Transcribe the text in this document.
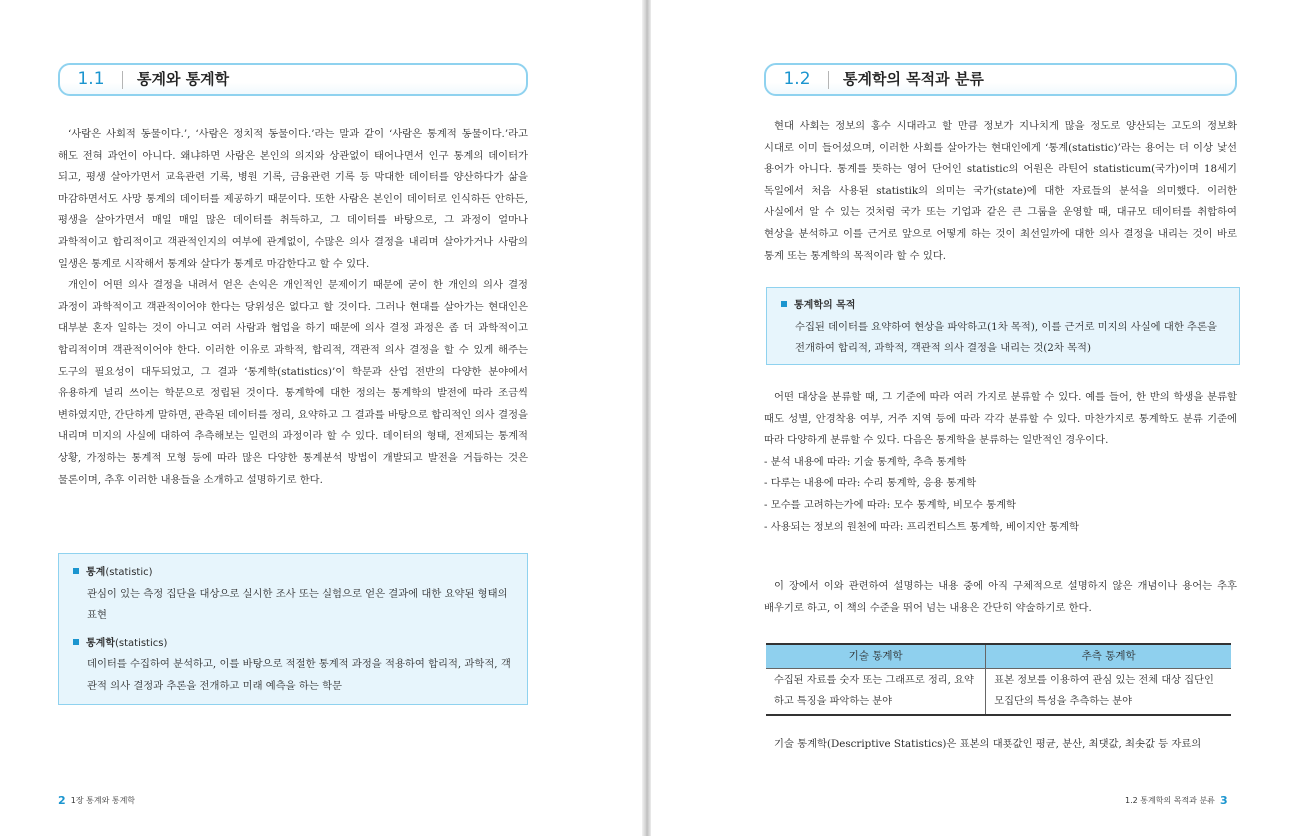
1.1	통계와 통계학

‘사람은 사회적 동물이다.’, ‘사람은 정치적 동물이다.’라는 말과 같이 ‘사람은 통계적 동물이다.’라고 해도 전혀 과언이 아니다. 왜냐하면 사람은 본인의 의지와 상관없이 태어나면서 인구 통계의 데이터가 되고, 평생 살아가면서 교육관련 기록, 병원 기록, 금융관련 기록 등 막대한 데이터를 양산하다가 삶을 마감하면서도 사망 통계의 데이터를 제공하기 때문이다. 또한 사람은 본인이 데이터로 인식하든 안하든, 평생을 살아가면서 매일 매일 많은 데이터를 취득하고, 그 데이터를 바탕으로, 그 과정이 얼마나 과학적이고 합리적이고 객관적인지의 여부에 관계없이, 수많은 의사 결정을 내리며 살아가거나 사람의 일생은 통계로 시작해서 통계와 살다가 통계로 마감한다고 할 수 있다.

개인이 어떤 의사 결정을 내려서 얻은 손익은 개인적인 문제이기 때문에 굳이 한 개인의 의사 결정 과정이 과학적이고 객관적이어야 한다는 당위성은 없다고 할 것이다. 그러나 현대를 살아가는 현대인은 대부분 혼자 일하는 것이 아니고 여러 사람과 협업을 하기 때문에 의사 결정 과정은 좀 더 과학적이고 합리적이며 객관적이어야 한다. 이러한 이유로 과학적, 합리적, 객관적 의사 결정을 할 수 있게 해주는 도구의 필요성이 대두되었고, 그 결과 ‘통계학(statistics)’이 학문과 산업 전반의 다양한 분야에서 유용하게 널리 쓰이는 학문으로 정립된 것이다. 통계학에 대한 정의는 통계학의 발전에 따라 조금씩 변하였지만, 간단하게 말하면, 관측된 데이터를 정리, 요약하고 그 결과를 바탕으로 합리적인 의사 결정을 내리며 미지의 사실에 대하여 추측해보는 일련의 과정이라 할 수 있다. 데이터의 형태, 전제되는 통계적 상황, 가정하는 통계적 모형 등에 따라 많은 다양한 통계분석 방법이 개발되고 발전을 거듭하는 것은 물론이며, 추후 이러한 내용들을 소개하고 설명하기로 한다.

통계(statistic)
관심이 있는 측정 집단을 대상으로 실시한 조사 또는 실험으로 얻은 결과에 대한 요약된 형태의 표현
통계학(statistics)
데이터를 수집하여 분석하고, 이를 바탕으로 적절한 통계적 과정을 적용하여 합리적, 과학적, 객관적 의사 결정과 추론을 전개하고 미래 예측을 하는 학문
2 1장 통계와 통계학
1.2	통계학의 목적과 분류

현대 사회는 정보의 홍수 시대라고 할 만큼 정보가 지나치게 많을 정도로 양산되는 고도의 정보화 시대로 이미 들어섰으며, 이러한 사회를 살아가는 현대인에게 ‘통계(statistic)’라는 용어는 더 이상 낯선 용어가 아니다. 통계를 뜻하는 영어 단어인 statistic의 어원은 라틴어 statisticum(국가)이며 18세기 독일에서 처음 사용된 statistik의 의미는 국가(state)에 대한 자료들의 분석을 의미했다. 이러한 사실에서 알 수 있는 것처럼 국가 또는 기업과 같은 큰 그룹을 운영할 때, 대규모 데이터를 취합하여 현상을 분석하고 이를 근거로 앞으로 어떻게 하는 것이 최선일까에 대한 의사 결정을 내리는 것이 바로 통계 또는 통계학의 목적이라 할 수 있다.

어떤 대상을 분류할 때, 그 기준에 따라 여러 가지로 분류할 수 있다. 예를 들어, 한 반의 학생을 분류할 때도 성별, 안경착용 여부, 거주 지역 등에 따라 각각 분류할 수 있다. 마찬가지로 통계학도 분류 기준에 따라 다양하게 분류할 수 있다. 다음은 통계학을 분류하는 일반적인 경우이다.

- 분석 내용에 따라: 기술 통계학, 추측 통계학
- 다루는 내용에 따라: 수리 통계학, 응용 통계학
- 모수를 고려하는가에 따라: 모수 통계학, 비모수 통계학
- 사용되는 정보의 원천에 따라: 프리컨티스트 통계학, 베이지안 통계학

이 장에서 이와 관련하여 설명하는 내용 중에 아직 구체적으로 설명하지 않은 개념이나 용어는 추후 배우기로 하고, 이 책의 수준을 뛰어 넘는 내용은 간단히 약술하기로 한다.

기술 통계학(Descriptive Statistics)은 표본의 대푯값인 평균, 분산, 최댓값, 최솟값 등 자료의

통계학의 목적
수집된 데이터를 요약하여 현상을 파악하고(1차 목적), 이를 근거로 미지의 사실에 대한 추론을 전개하여 합리적, 과학적, 객관적 의사 결정을 내리는 것(2차 목적)
기술 통계학	추측 통계학
수집된 자료를 숫자 또는 그래프로 정리, 요약하고 특징을 파악하는 분야	표본 정보를 이용하여 관심 있는 전체 대상 집단인 모집단의 특성을 추측하는 분야
1.2 통계학의 목적과 분류 3
